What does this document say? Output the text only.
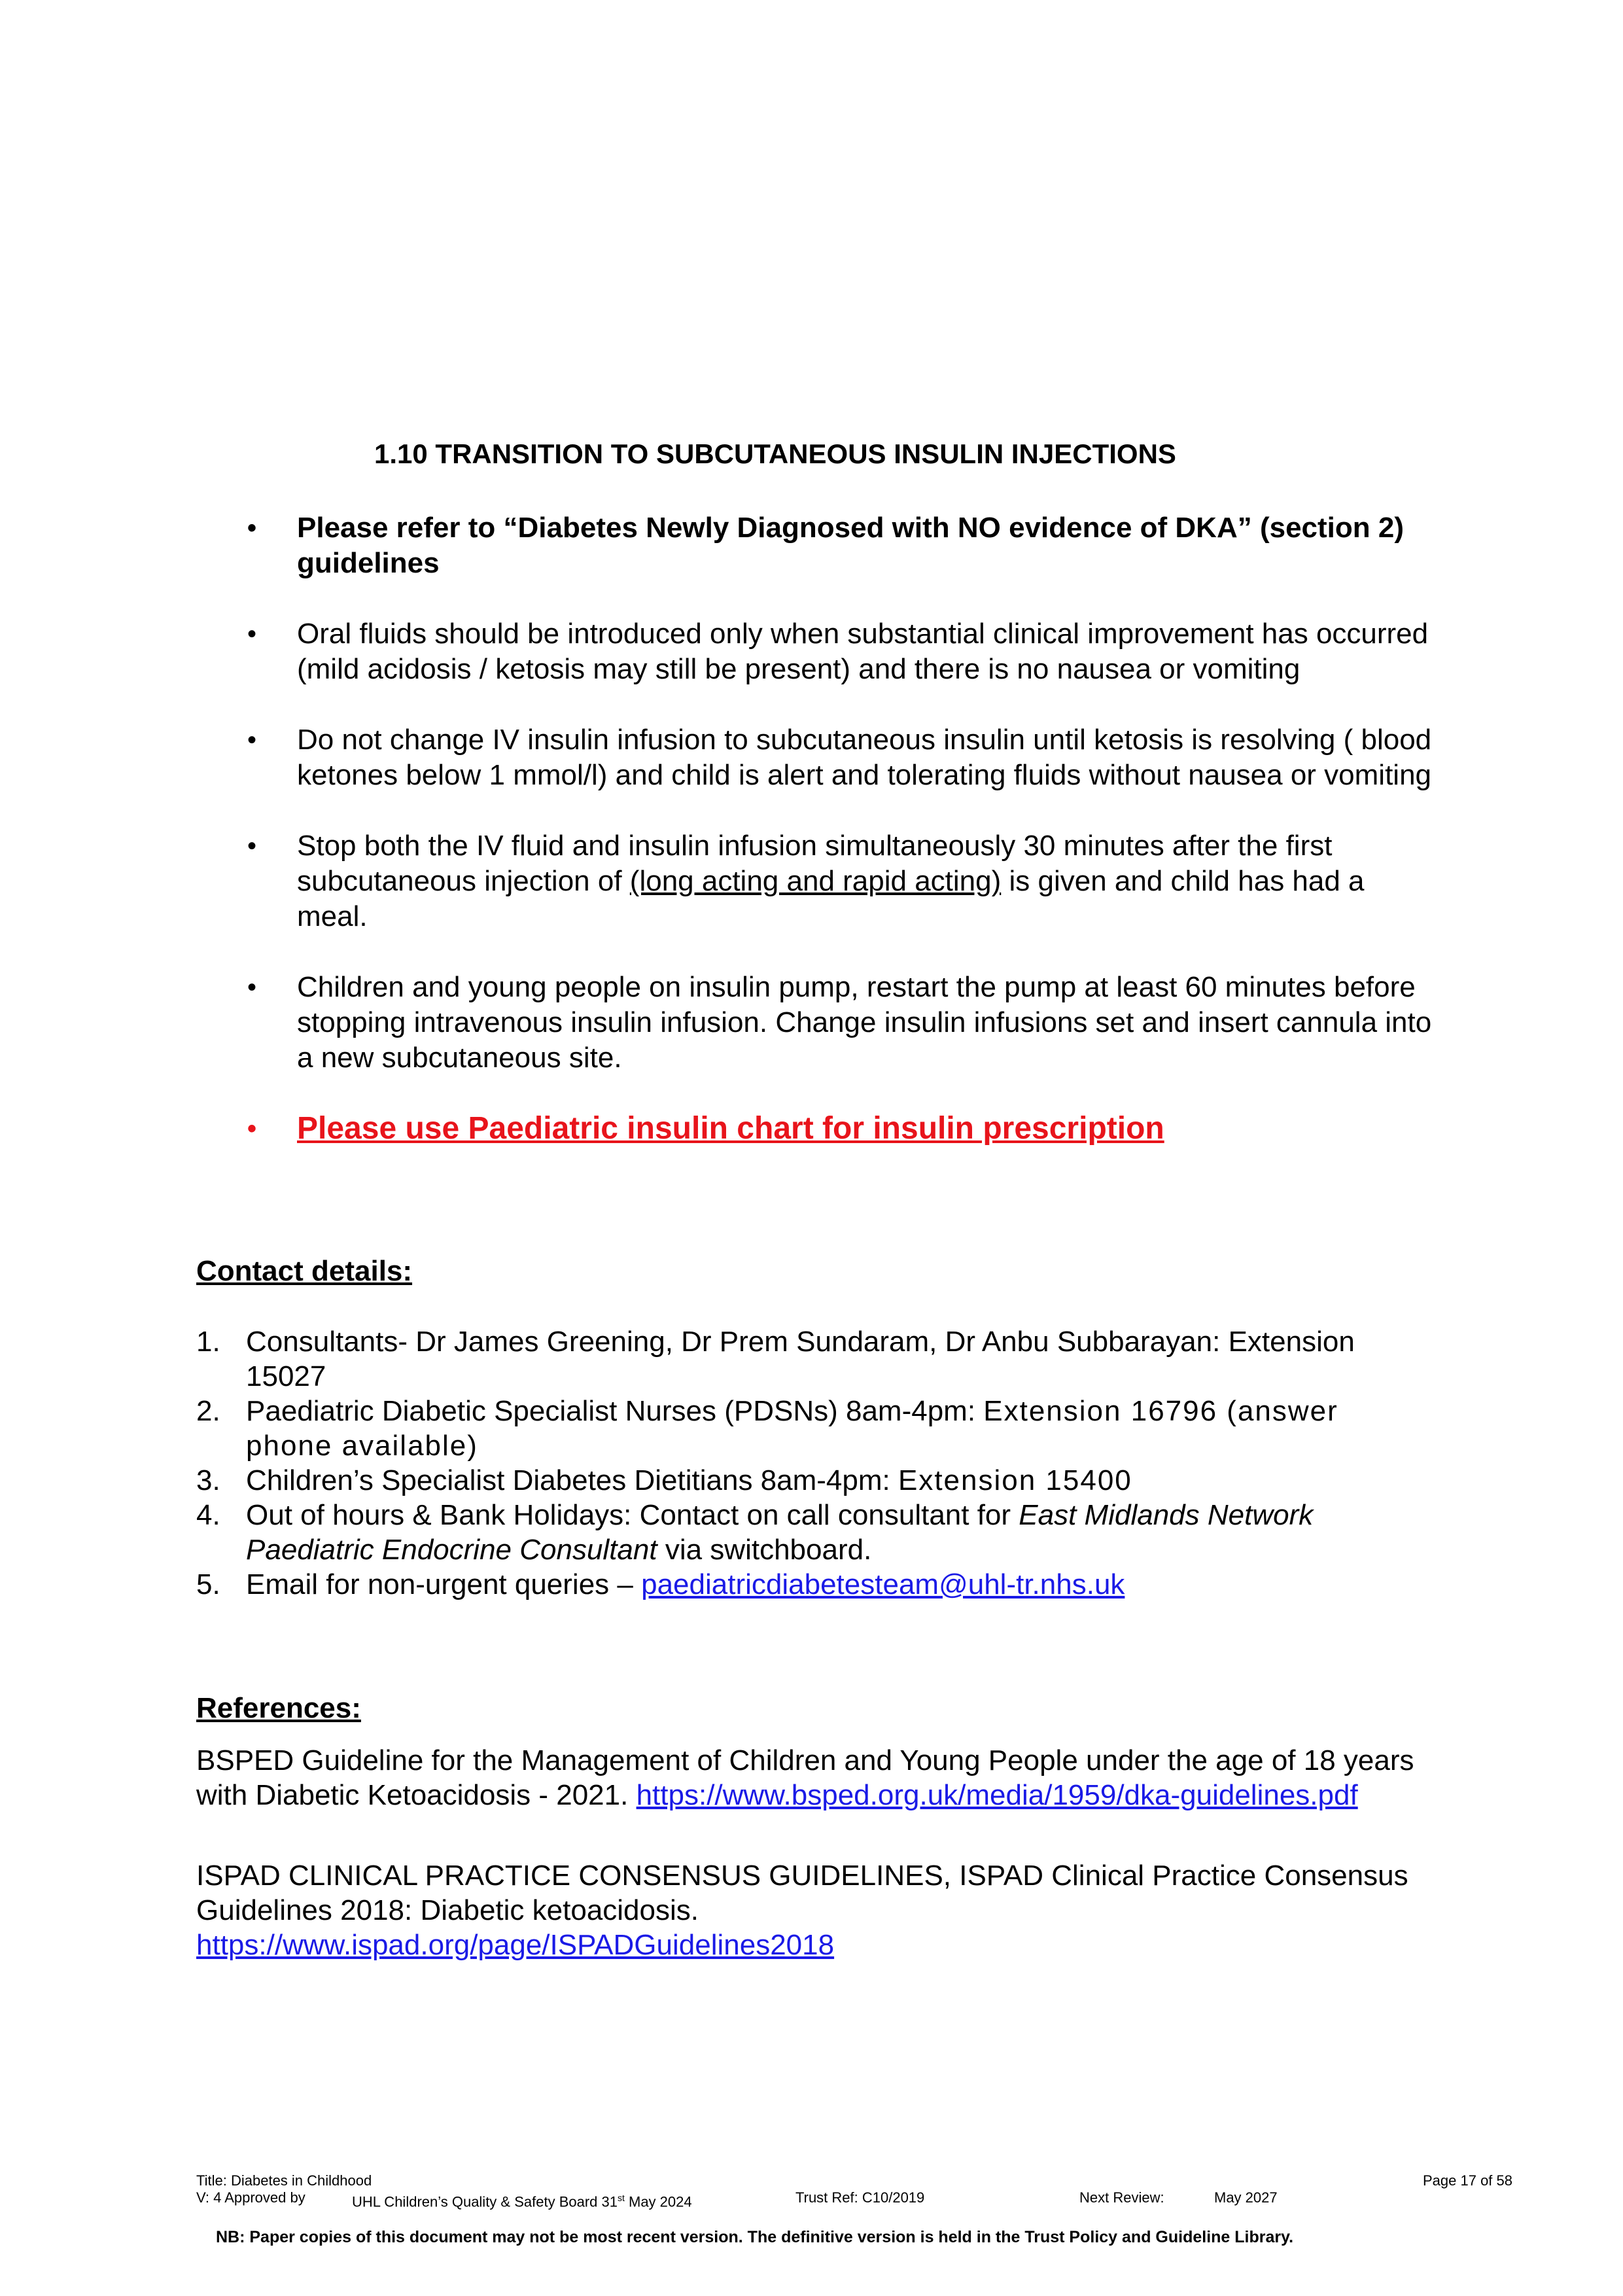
1.10 TRANSITION TO SUBCUTANEOUS INSULIN INJECTIONS
• Please refer to “Diabetes Newly Diagnosed with NO evidence of DKA” (section 2) guidelines
• Oral fluids should be introduced only when substantial clinical improvement has occurred (mild acidosis / ketosis may still be present) and there is no nausea or vomiting
• Do not change IV insulin infusion to subcutaneous insulin until ketosis is resolving ( blood ketones below 1 mmol/l) and child is alert and tolerating fluids without nausea or vomiting
• Stop both the IV fluid and insulin infusion simultaneously 30 minutes after the first subcutaneous injection of (long acting and rapid acting) is given and child has had a meal.
• Children and young people on insulin pump, restart the pump at least 60 minutes before stopping intravenous insulin infusion. Change insulin infusions set and insert cannula into a new subcutaneous site.
• Please use Paediatric insulin chart for insulin prescription
Contact details:
1. Consultants- Dr James Greening, Dr Prem Sundaram, Dr Anbu Subbarayan: Extension 15027
2. Paediatric Diabetic Specialist Nurses (PDSNs) 8am-4pm: Extension 16796 (answer phone available)
3. Children’s Specialist Diabetes Dietitians 8am-4pm: Extension 15400
4. Out of hours & Bank Holidays: Contact on call consultant for East Midlands Network Paediatric Endocrine Consultant via switchboard.
5. Email for non-urgent queries – paediatricdiabetesteam@uhl-tr.nhs.uk
References:
BSPED Guideline for the Management of Children and Young People under the age of 18 years with Diabetic Ketoacidosis - 2021. https://www.bsped.org.uk/media/1959/dka-guidelines.pdf
ISPAD CLINICAL PRACTICE CONSENSUS GUIDELINES, ISPAD Clinical Practice Consensus Guidelines 2018: Diabetic ketoacidosis.
https://www.ispad.org/page/ISPADGuidelines2018
Title: Diabetes in Childhood	Page 17 of 58
V: 4 Approved by	UHL Children’s Quality & Safety Board 31st May 2024	Trust Ref: C10/2019	Next Review:	May 2027
NB: Paper copies of this document may not be most recent version. The definitive version is held in the Trust Policy and Guideline Library.
